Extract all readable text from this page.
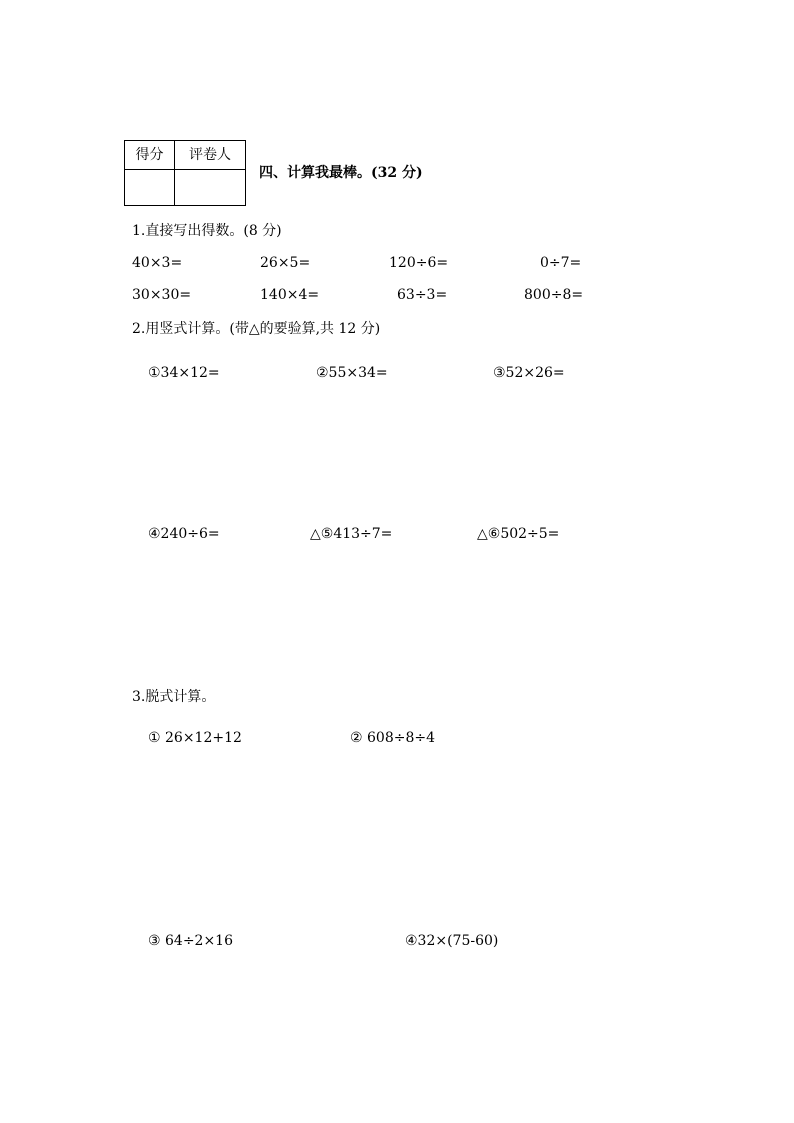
得分	评卷人

四、计算我最棒。(32 分)
1.直接写出得数。(8 分)
40×3=	26×5=	120÷6=	0÷7=
30×30=	140×4=	63÷3=	800÷8=
2.用竖式计算。(带△的要验算,共 12 分)
①34×12=	②55×34=	③52×26=
④240÷6=	△⑤413÷7=	△⑥502÷5=
3.脱式计算。
① 26×12+12	② 608÷8÷4
③ 64÷2×16	④32×(75-60)
